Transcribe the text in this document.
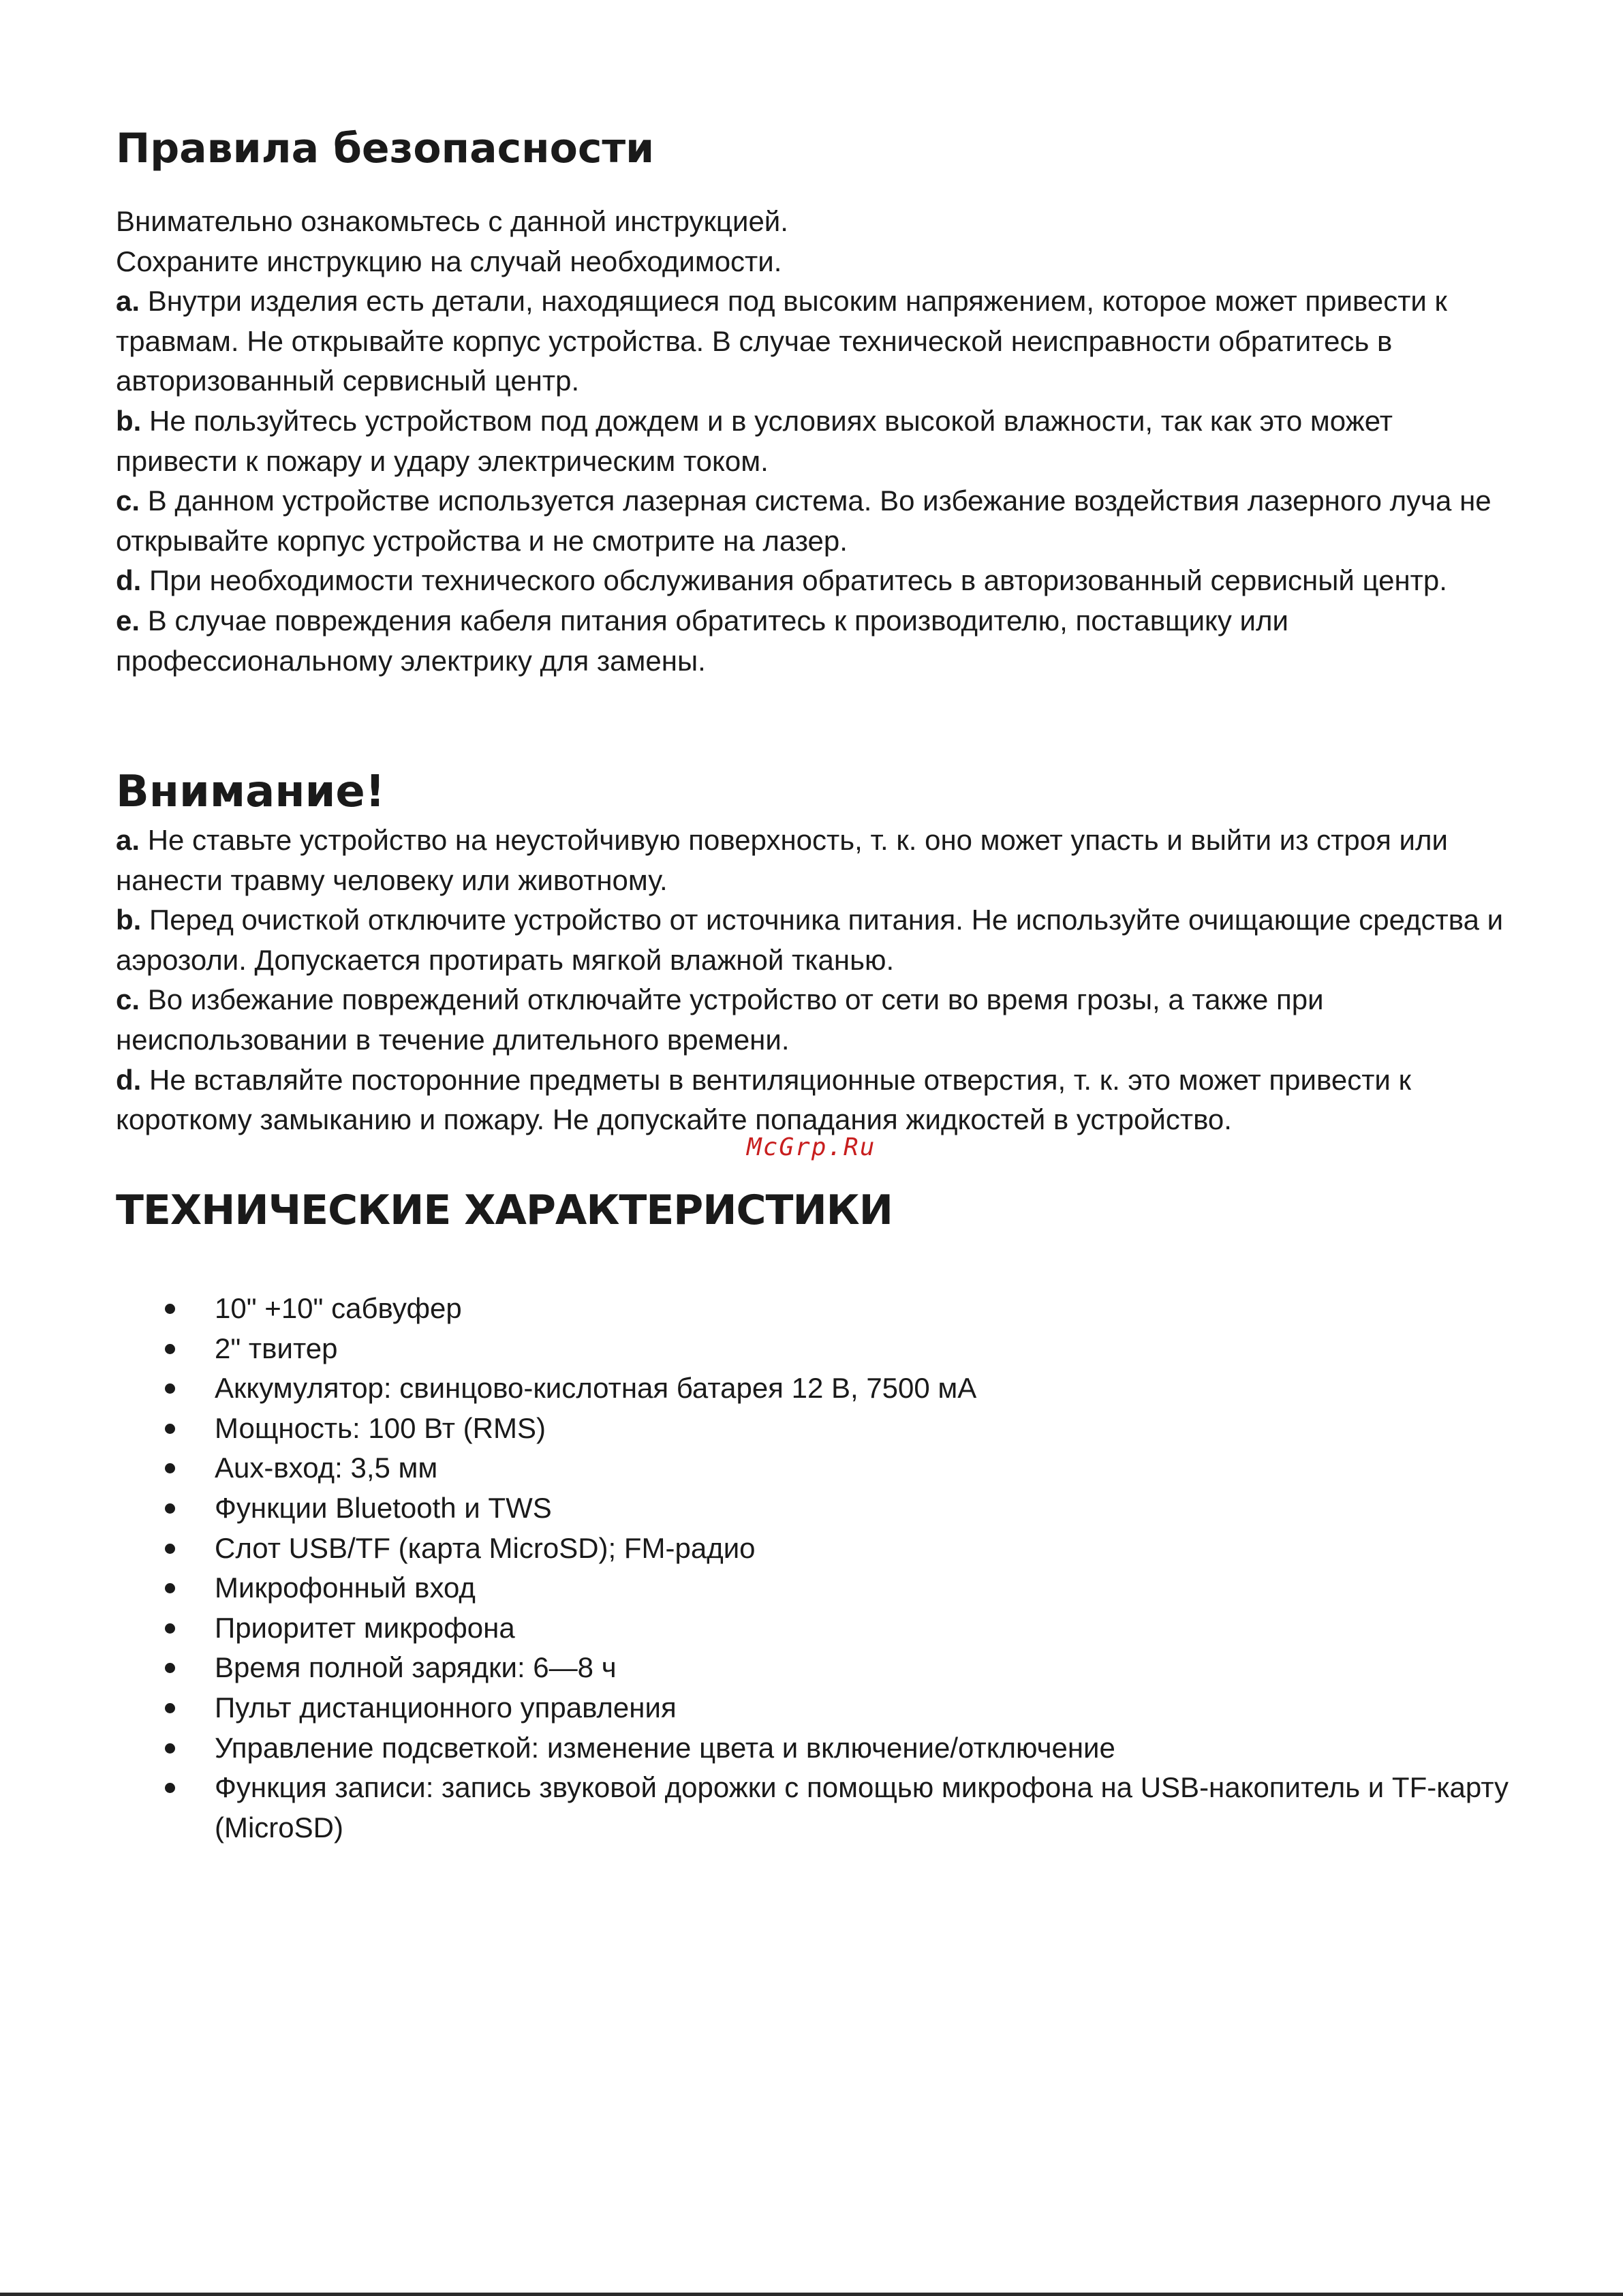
Правила безопасности

Внимательно ознакомьтесь с данной инструкцией.

Сохраните инструкцию на случай необходимости.

a. Внутри изделия есть детали, находящиеся под высоким напряжением, которое может привести к травмам. Не открывайте корпус устройства. В случае технической неисправности обратитесь в авторизованный сервисный центр.

b. Не пользуйтесь устройством под дождем и в условиях высокой влажности, так как это может привести к пожару и удару электрическим током.

c. В данном устройстве используется лазерная система. Во избежание воздействия лазерного луча не открывайте корпус устройства и не смотрите на лазер.

d. При необходимости технического обслуживания обратитесь в авторизованный сервисный центр.

e. В случае повреждения кабеля питания обратитесь к производителю, поставщику или профессиональному электрику для замены.

Внимание!

a. Не ставьте устройство на неустойчивую поверхность, т. к. оно может упасть и выйти из строя или нанести травму человеку или животному.

b. Перед очисткой отключите устройство от источника питания. Не используйте очищающие средства и аэрозоли. Допускается протирать мягкой влажной тканью.

c. Во избежание повреждений отключайте устройство от сети во время грозы, а также при неиспользовании в течение длительного времени.

d. Не вставляйте посторонние предметы в вентиляционные отверстия, т. к. это может привести к короткому замыканию и пожару. Не допускайте попадания жидкостей в устройство.

ТЕХНИЧЕСКИЕ ХАРАКТЕРИСТИКИ
10" +10" сабвуфер
2" твитер
Аккумулятор: свинцово-кислотная батарея 12 В, 7500 мА
Мощность: 100 Вт (RMS)
Aux-вход: 3,5 мм
Функции Bluetooth и TWS
Слот USB/TF (карта MicroSD); FM-радио
Микрофонный вход
Приоритет микрофона
Время полной зарядки: 6—8 ч
Пульт дистанционного управления
Управление подсветкой: изменение цвета и включение/отключение
Функция записи: запись звуковой дорожки с помощью микрофона на USB-накопитель и TF-карту (MicroSD)
McGrp.Ru
